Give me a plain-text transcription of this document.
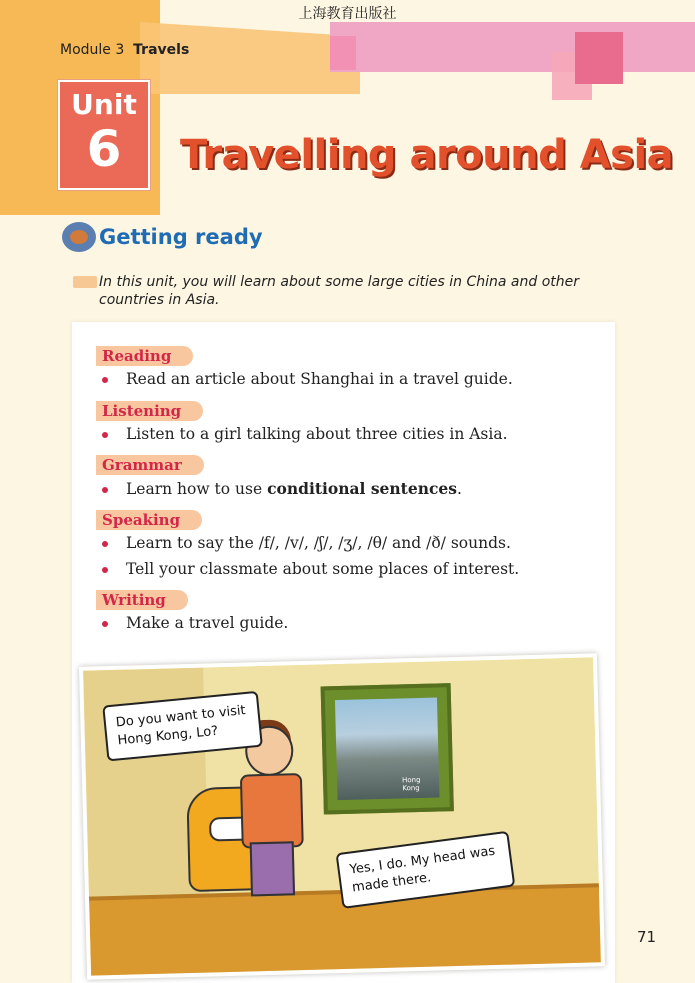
上海教育出版社
Module 3 Travels
Unit
6	Travelling around Asia
Getting ready
In this unit, you will learn about some large cities in China and other countries in Asia.
Reading
Read an article about Shanghai in a travel guide.
Listening
Listen to a girl talking about three cities in Asia.
Grammar
Learn how to use conditional sentences.
Speaking
Learn to say the /f/, /v/, /ʃ/, /ʒ/, /θ/ and /ð/ sounds.
Tell your classmate about some places of interest.
Writing
Make a travel guide.
Hong Kong
Do you want to visit Hong Kong, Lo?
Yes, I do. My head was made there.
71
